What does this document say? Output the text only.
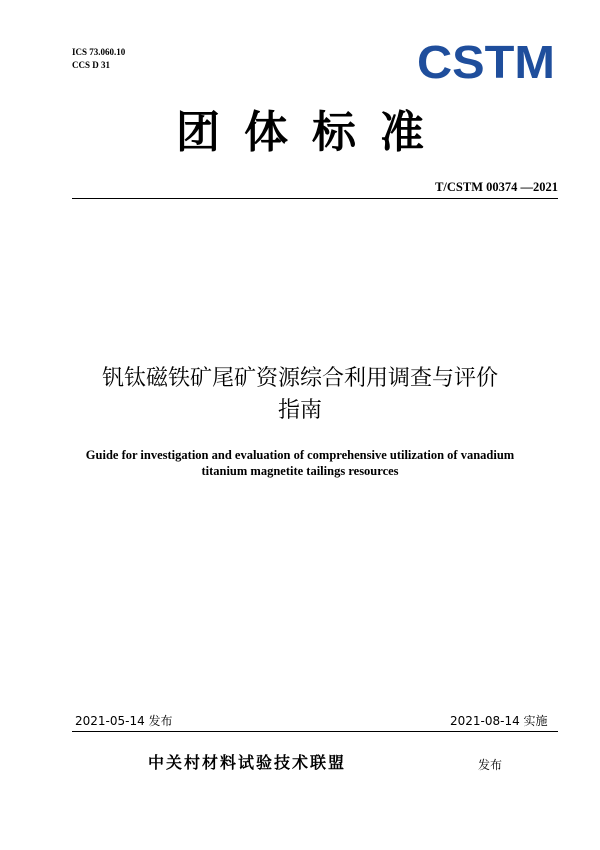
ICS 73.060.10
CCS D 31	CSTM
团体标准
T/CSTM 00374 —2021
钒钛磁铁矿尾矿资源综合利用调查与评价
指南
Guide for investigation and evaluation of comprehensive utilization of vanadium
titanium magnetite tailings resources
2021-05-14 发布	2021-08-14 实施
中关村材料试验技术联盟	发布
